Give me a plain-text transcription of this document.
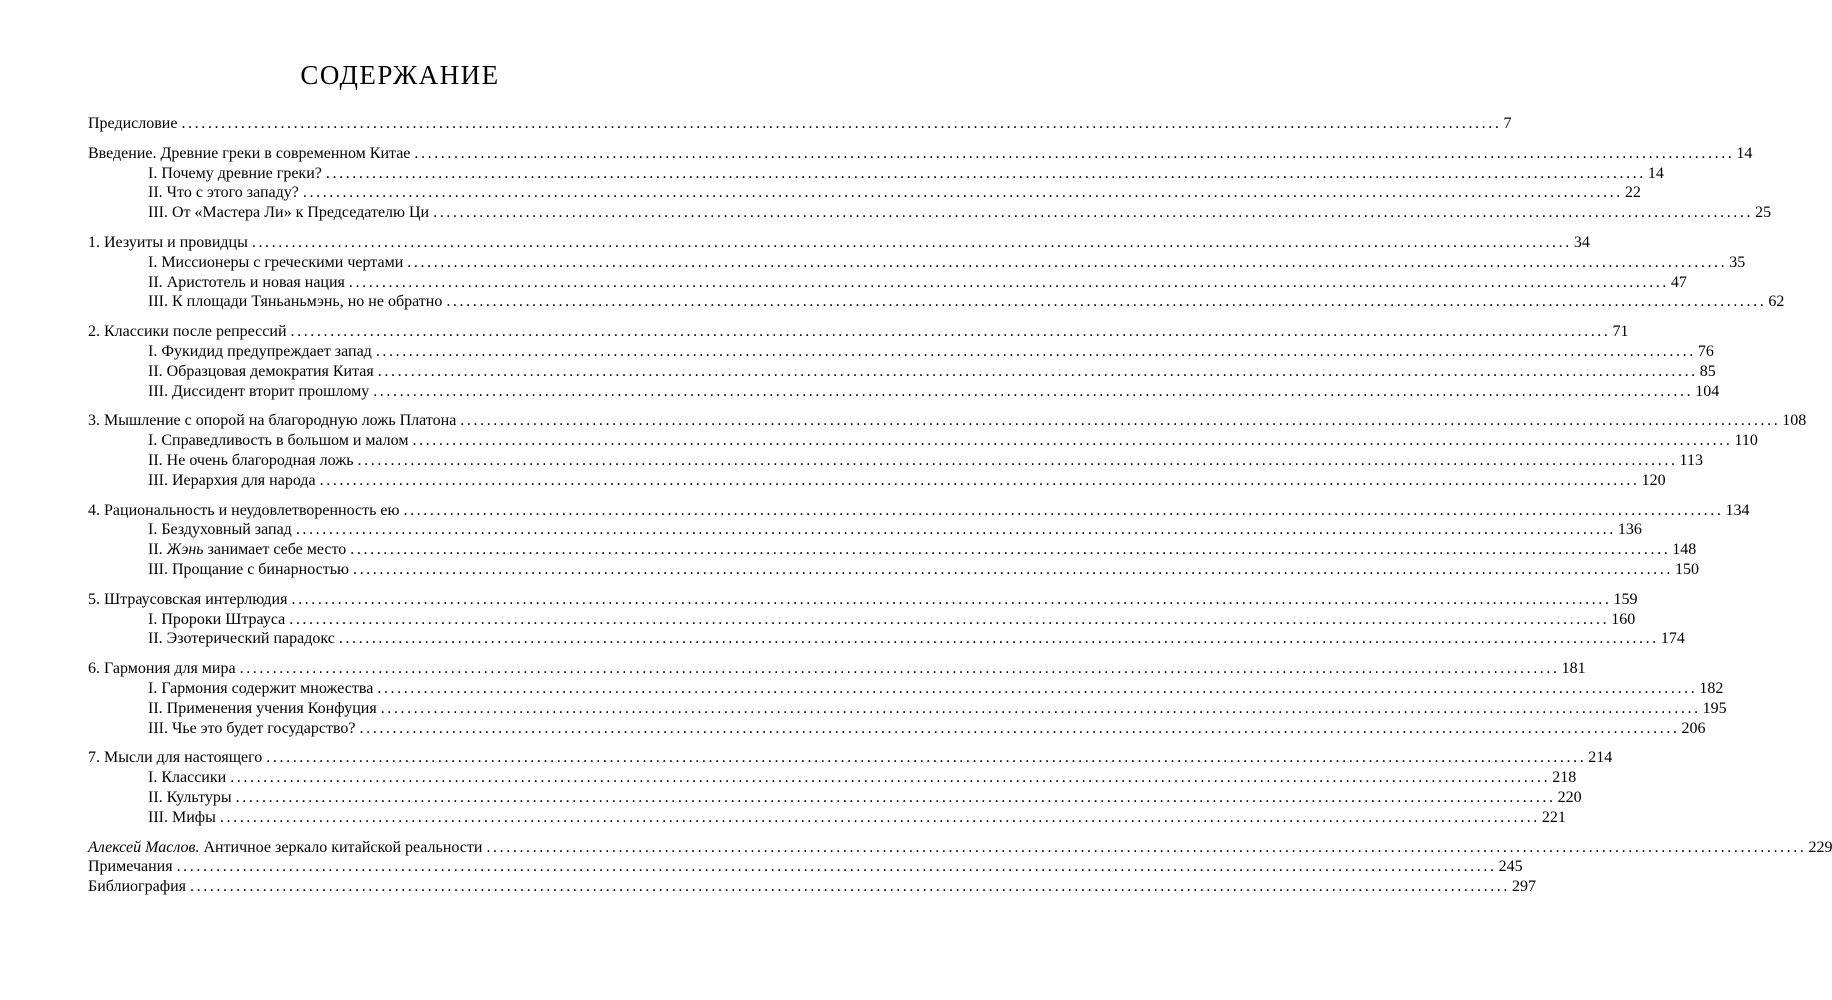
СОДЕРЖАНИЕ
Предисловие ........................................................................................................................................................................................................ 7
Введение. Древние греки в современном Китае ........................................................................................................................................................................................................ 14
I. Почему древние греки? ........................................................................................................................................................................................................ 14
II. Что с этого западу? ........................................................................................................................................................................................................ 22
III. От «Мастера Ли» к Председателю Ци ........................................................................................................................................................................................................ 25
1. Иезуиты и провидцы ........................................................................................................................................................................................................ 34
I. Миссионеры с греческими чертами ........................................................................................................................................................................................................ 35
II. Аристотель и новая нация ........................................................................................................................................................................................................ 47
III. К площади Тяньаньмэнь, но не обратно ........................................................................................................................................................................................................ 62
2. Классики после репрессий ........................................................................................................................................................................................................ 71
I. Фукидид предупреждает запад ........................................................................................................................................................................................................ 76
II. Образцовая демократия Китая ........................................................................................................................................................................................................ 85
III. Диссидент вторит прошлому ........................................................................................................................................................................................................ 104
3. Мышление с опорой на благородную ложь Платона ........................................................................................................................................................................................................ 108
I. Справедливость в большом и малом ........................................................................................................................................................................................................ 110
II. Не очень благородная ложь ........................................................................................................................................................................................................ 113
III. Иерархия для народа ........................................................................................................................................................................................................ 120
4. Рациональность и неудовлетворенность ею ........................................................................................................................................................................................................ 134
I. Бездуховный запад ........................................................................................................................................................................................................ 136
II. Жэнь занимает себе место ........................................................................................................................................................................................................ 148
III. Прощание с бинарностью ........................................................................................................................................................................................................ 150
5. Штраусовская интерлюдия ........................................................................................................................................................................................................ 159
I. Пророки Штрауса ........................................................................................................................................................................................................ 160
II. Эзотерический парадокс ........................................................................................................................................................................................................ 174
6. Гармония для мира ........................................................................................................................................................................................................ 181
I. Гармония содержит множества ........................................................................................................................................................................................................ 182
II. Применения учения Конфуция ........................................................................................................................................................................................................ 195
III. Чье это будет государство? ........................................................................................................................................................................................................ 206
7. Мысли для настоящего ........................................................................................................................................................................................................ 214
I. Классики ........................................................................................................................................................................................................ 218
II. Культуры ........................................................................................................................................................................................................ 220
III. Мифы ........................................................................................................................................................................................................ 221
Алексей Маслов. Античное зеркало китайской реальности ........................................................................................................................................................................................................ 229
Примечания ........................................................................................................................................................................................................ 245
Библиография ........................................................................................................................................................................................................ 297
